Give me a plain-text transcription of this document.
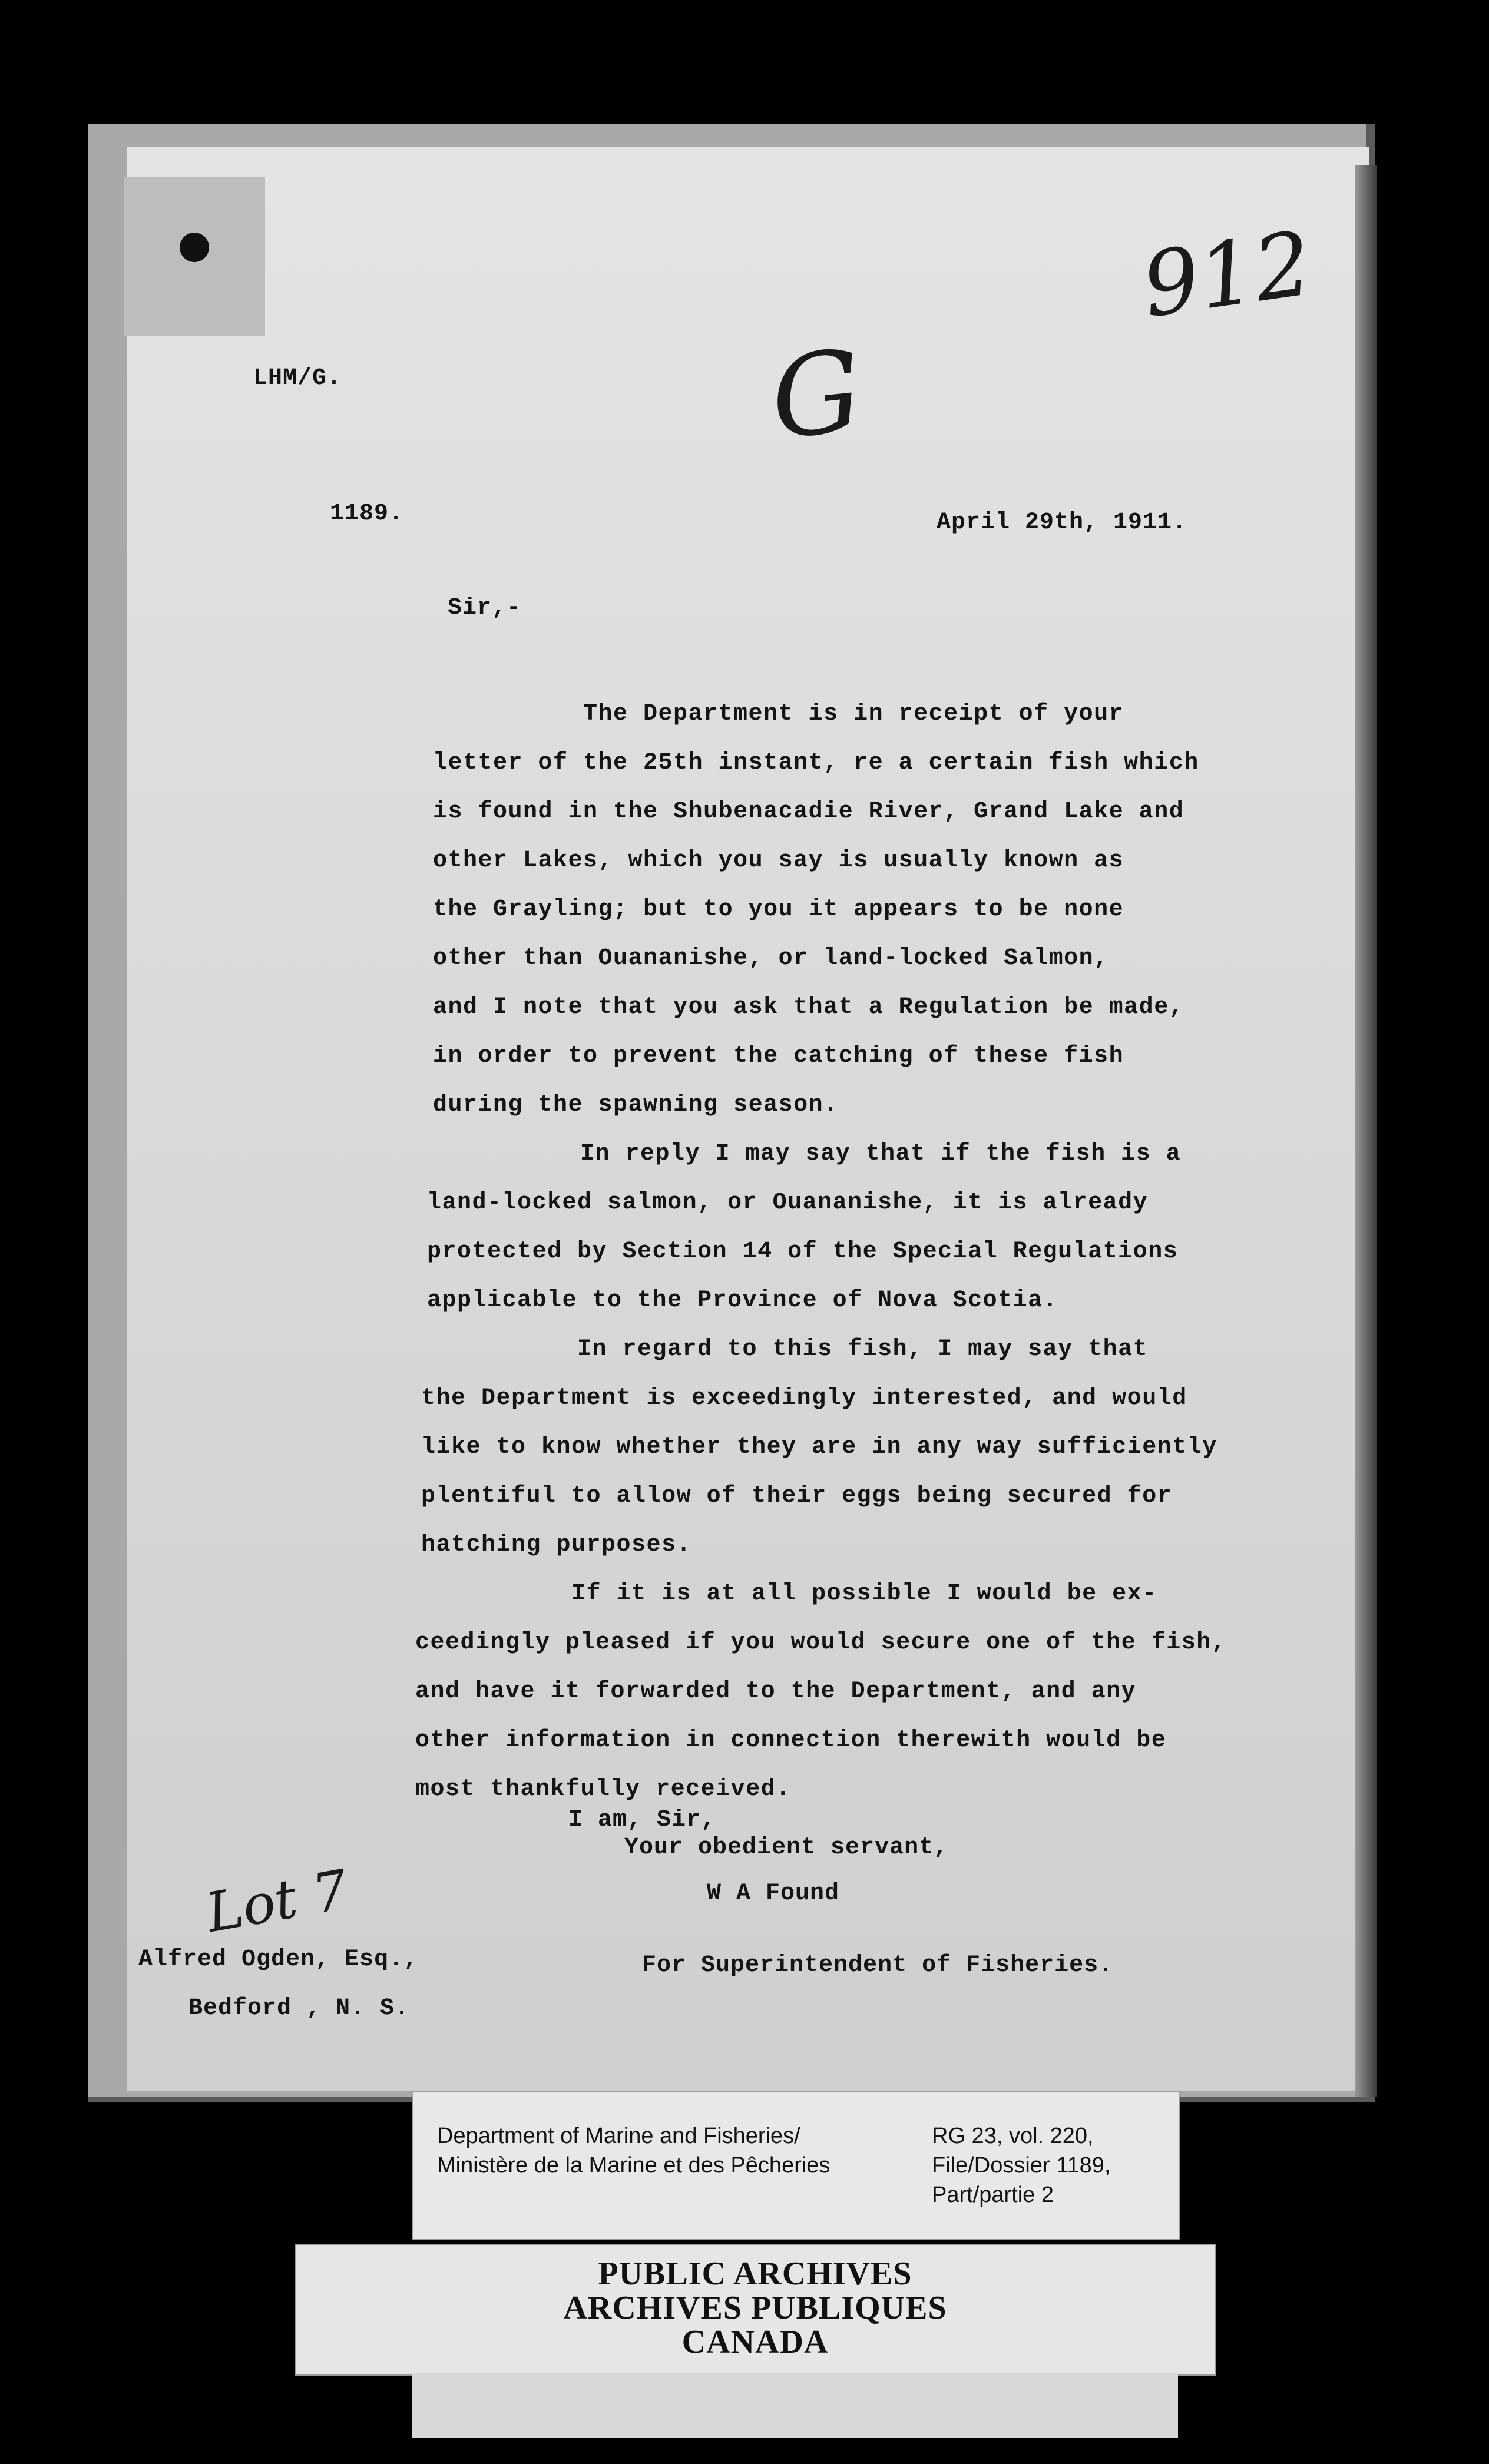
LHM/G.
1189.	April 29th, 1911.
Sir,-
912
G
Lot 7
The Department is in receipt of your
letter of the 25th instant, re a certain fish which
is found in the Shubenacadie River, Grand Lake and
other Lakes, which you say is usually known as
the Grayling; but to you it appears to be none
other than Ouananishe, or land-locked Salmon,
and I note that you ask that a Regulation be made,
in order to prevent the catching of these fish
during the spawning season.
In reply I may say that if the fish is a
land-locked salmon, or Ouananishe, it is already
protected by Section 14 of the Special Regulations
applicable to the Province of Nova Scotia.
In regard to this fish, I may say that
the Department is exceedingly interested, and would
like to know whether they are in any way sufficiently
plentiful to allow of their eggs being secured for
hatching purposes.
If it is at all possible I would be ex-
ceedingly pleased if you would secure one of the fish,
and have it forwarded to the Department, and any
other information in connection therewith would be
most thankfully received.
I am, Sir,
Your obedient servant,
W A Found
For Superintendent of Fisheries.
Alfred Ogden, Esq.,
Bedford , N. S.
Department of Marine and Fisheries/
Ministère de la Marine et des Pêcheries
RG 23, vol. 220,
File/Dossier 1189,
Part/partie 2
PUBLIC ARCHIVES
ARCHIVES PUBLIQUES
CANADA
